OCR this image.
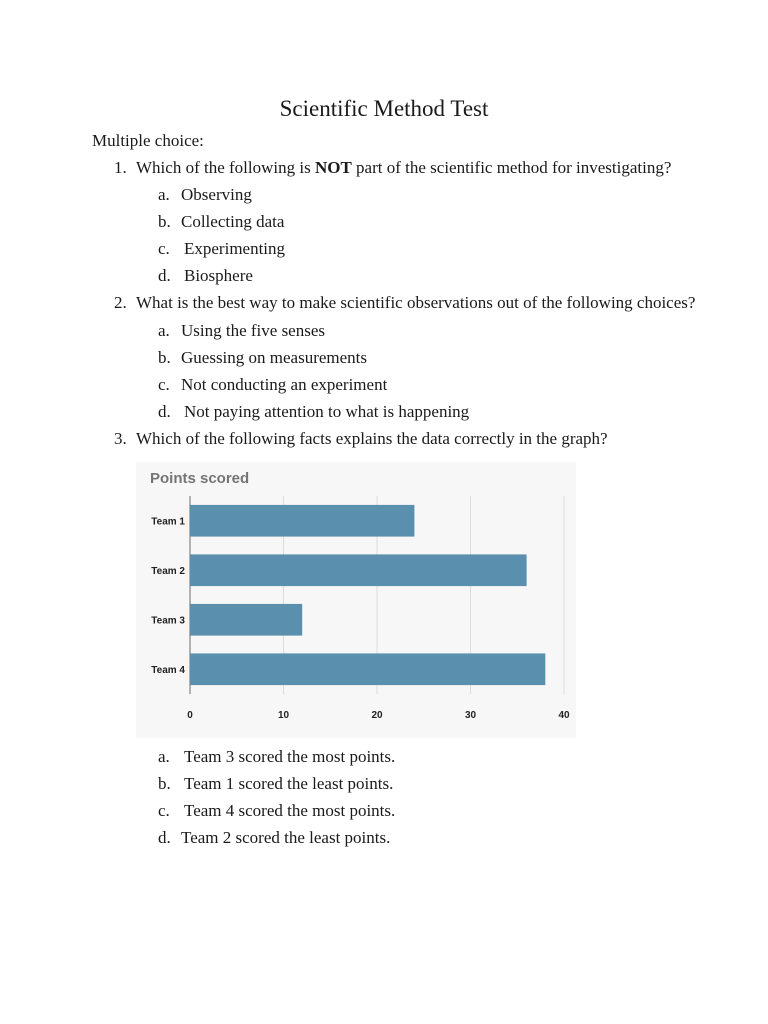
Scientific Method Test
Multiple choice:
1. Which of the following is NOT part of the scientific method for investigating?
a. Observing
b. Collecting data
c. Experimenting
d. Biosphere
2. What is the best way to make scientific observations out of the following choices?
a. Using the five senses
b. Guessing on measurements
c. Not conducting an experiment
d. Not paying attention to what is happening
3. Which of the following facts explains the data correctly in the graph?
Points scored
Team 1
Team 2
Team 3
Team 4
0	10	20	30	40
a. Team 3 scored the most points.
b. Team 1 scored the least points.
c. Team 4 scored the most points.
d. Team 2 scored the least points.
